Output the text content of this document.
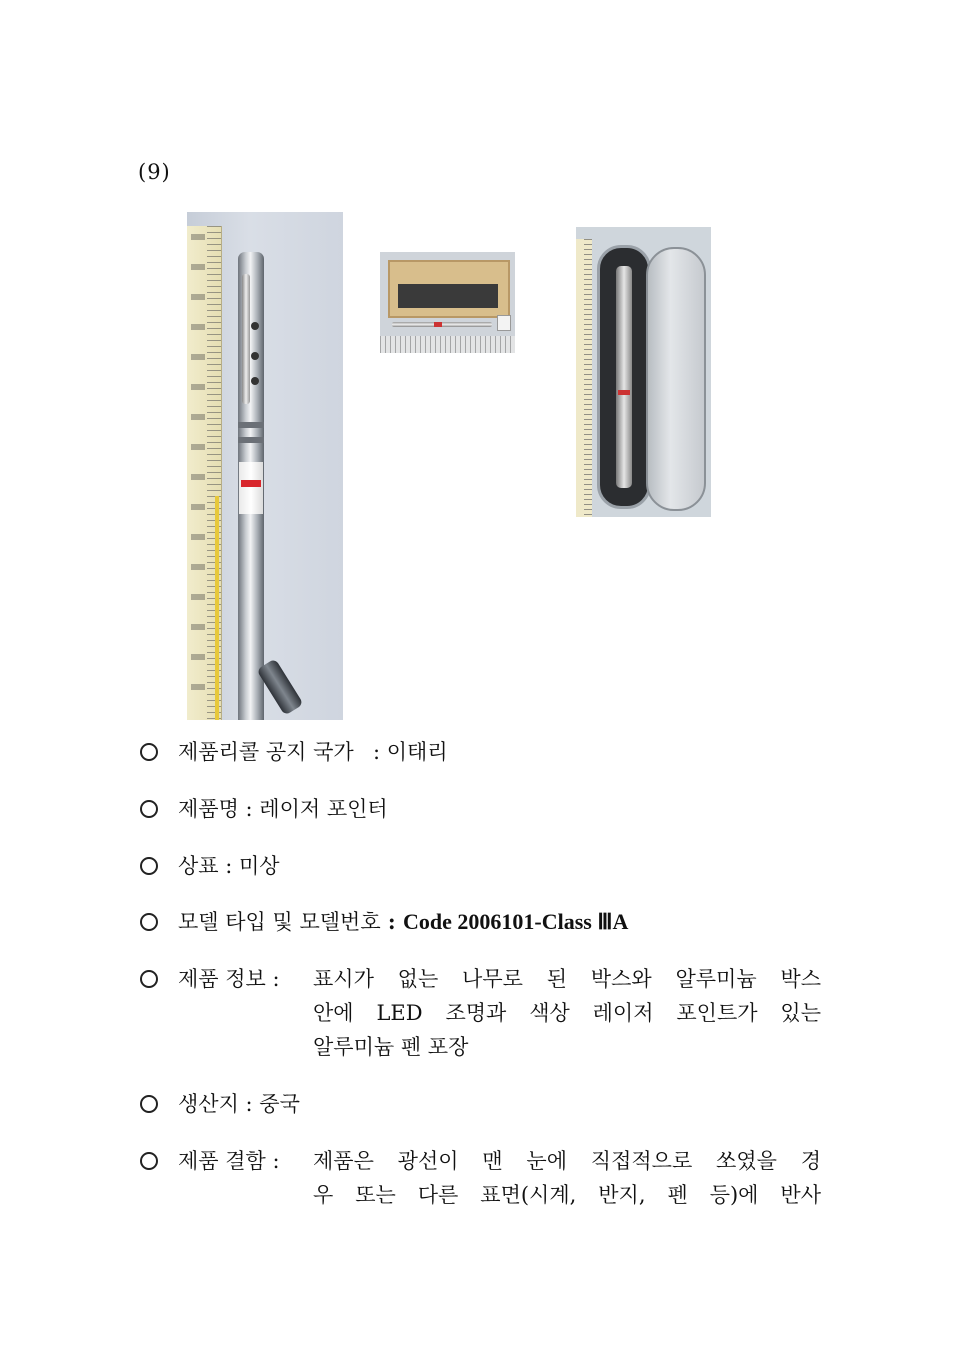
(9)
제품리콜 공지 국가  : 이태리
제품명 : 레이저 포인터
상표 : 미상
모델 타입 및 모델번호 : Code 2006101-Class ⅢA
제품 정보 : 표시가 없는 나무로 된 박스와 알루미늄 박스
안에 LED 조명과 색상 레이저 포인트가 있는
알루미늄 펜 포장
생산지 : 중국
제품 결함 : 제품은 광선이 맨 눈에 직접적으로 쏘였을 경
우 또는 다른 표면(시계, 반지, 펜 등)에 반사
